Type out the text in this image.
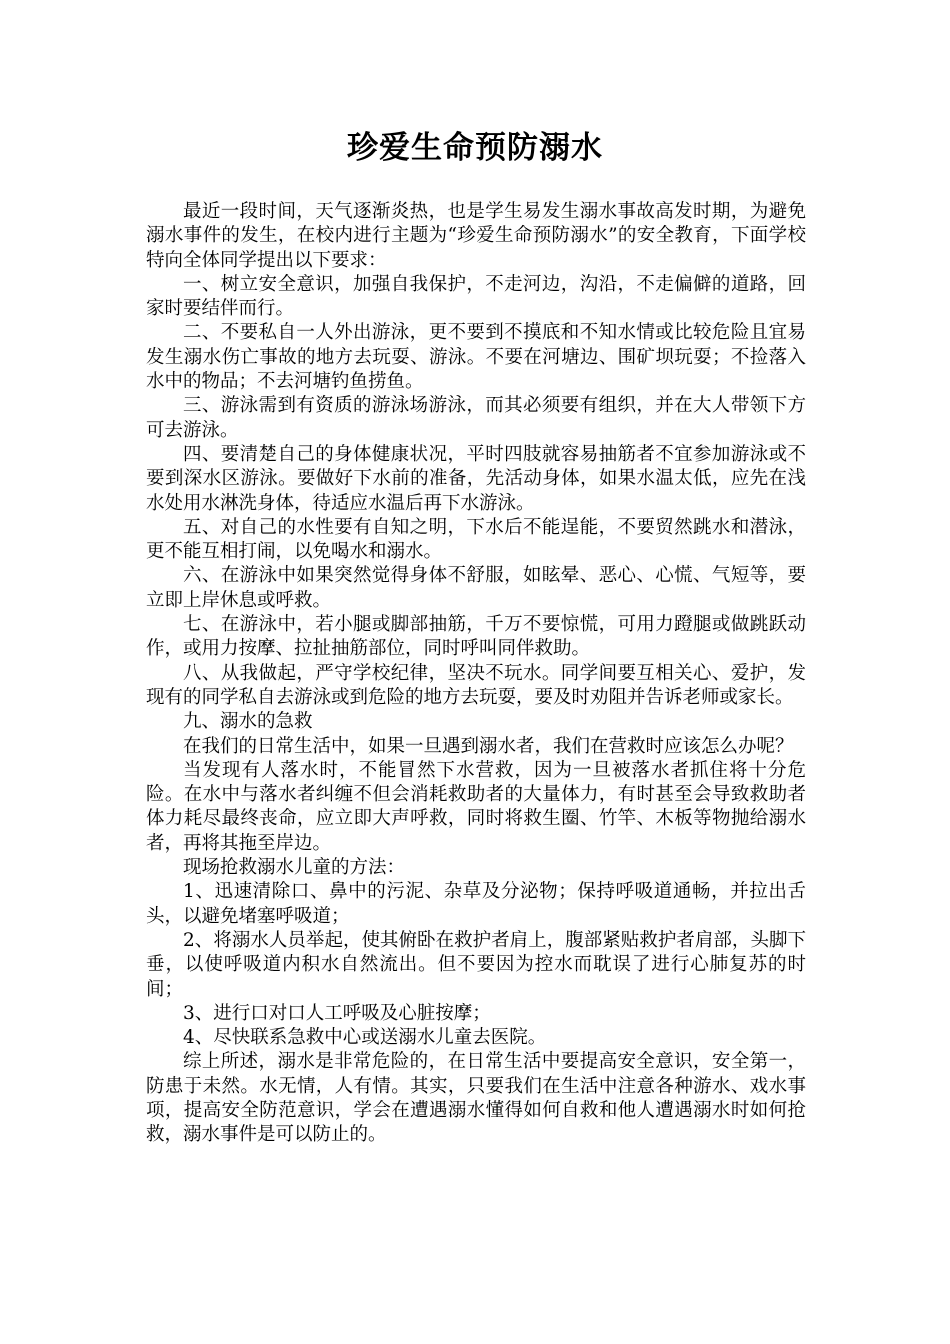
珍爱生命预防溺水

最近一段时间，天气逐渐炎热，也是学生易发生溺水事故高发时期，为避免溺水事件的发生，在校内进行主题为“珍爱生命预防溺水”的安全教育，下面学校特向全体同学提出以下要求：

一、树立安全意识，加强自我保护，不走河边，沟沿，不走偏僻的道路，回家时要结伴而行。

二、不要私自一人外出游泳，更不要到不摸底和不知水情或比较危险且宜易发生溺水伤亡事故的地方去玩耍、游泳。不要在河塘边、围矿坝玩耍；不捡落入水中的物品；不去河塘钓鱼捞鱼。

三、游泳需到有资质的游泳场游泳，而其必须要有组织，并在大人带领下方可去游泳。

四、要清楚自己的身体健康状况，平时四肢就容易抽筋者不宜参加游泳或不要到深水区游泳。要做好下水前的准备，先活动身体，如果水温太低，应先在浅水处用水淋洗身体，待适应水温后再下水游泳。

五、对自己的水性要有自知之明，下水后不能逞能，不要贸然跳水和潜泳，更不能互相打闹，以免喝水和溺水。

六、在游泳中如果突然觉得身体不舒服，如眩晕、恶心、心慌、气短等，要立即上岸休息或呼救。

七、在游泳中，若小腿或脚部抽筋，千万不要惊慌，可用力蹬腿或做跳跃动作，或用力按摩、拉扯抽筋部位，同时呼叫同伴救助。

八、从我做起，严守学校纪律，坚决不玩水。同学间要互相关心、爱护，发现有的同学私自去游泳或到危险的地方去玩耍，要及时劝阻并告诉老师或家长。

九、溺水的急救

在我们的日常生活中，如果一旦遇到溺水者，我们在营救时应该怎么办呢？

当发现有人落水时，不能冒然下水营救，因为一旦被落水者抓住将十分危险。在水中与落水者纠缠不但会消耗救助者的大量体力，有时甚至会导致救助者体力耗尽最终丧命，应立即大声呼救，同时将救生圈、竹竿、木板等物抛给溺水者，再将其拖至岸边。

现场抢救溺水儿童的方法：

1、迅速清除口、鼻中的污泥、杂草及分泌物；保持呼吸道通畅，并拉出舌头，以避免堵塞呼吸道；

2、将溺水人员举起，使其俯卧在救护者肩上，腹部紧贴救护者肩部，头脚下垂，以使呼吸道内积水自然流出。但不要因为控水而耽误了进行心肺复苏的时间；

3、进行口对口人工呼吸及心脏按摩；

4、尽快联系急救中心或送溺水儿童去医院。

综上所述，溺水是非常危险的，在日常生活中要提高安全意识，安全第一，防患于未然。水无情，人有情。其实，只要我们在生活中注意各种游水、戏水事项，提高安全防范意识，学会在遭遇溺水懂得如何自救和他人遭遇溺水时如何抢救，溺水事件是可以防止的。
